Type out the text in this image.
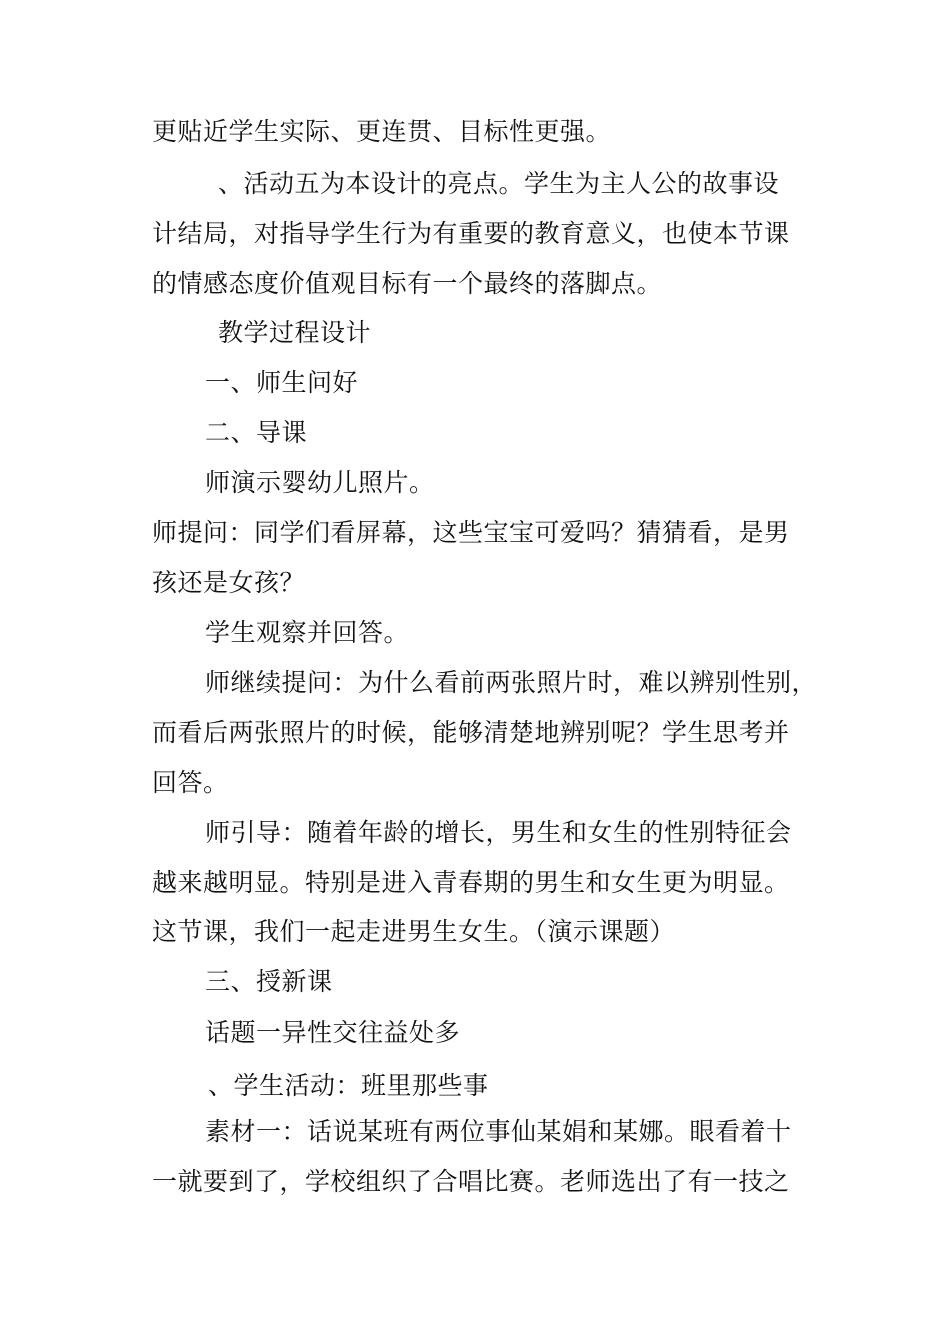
更贴近学生实际、更连贯、目标性更强。
、活动五为本设计的亮点。学生为主人公的故事设
计结局，对指导学生行为有重要的教育意义，也使本节课
的情感态度价值观目标有一个最终的落脚点。
教学过程设计
一、师生问好
二、导课
师演示婴幼儿照片。
师提问：同学们看屏幕，这些宝宝可爱吗？猜猜看，是男
孩还是女孩？
学生观察并回答。
师继续提问：为什么看前两张照片时，难以辨别性别，
而看后两张照片的时候，能够清楚地辨别呢？学生思考并
回答。
师引导：随着年龄的增长，男生和女生的性别特征会
越来越明显。特别是进入青春期的男生和女生更为明显。
这节课，我们一起走进男生女生。（演示课题）
三、授新课
话题一异性交往益处多
、学生活动：班里那些事
素材一：话说某班有两位事仙某娟和某娜。眼看着十
一就要到了，学校组织了合唱比赛。老师选出了有一技之
